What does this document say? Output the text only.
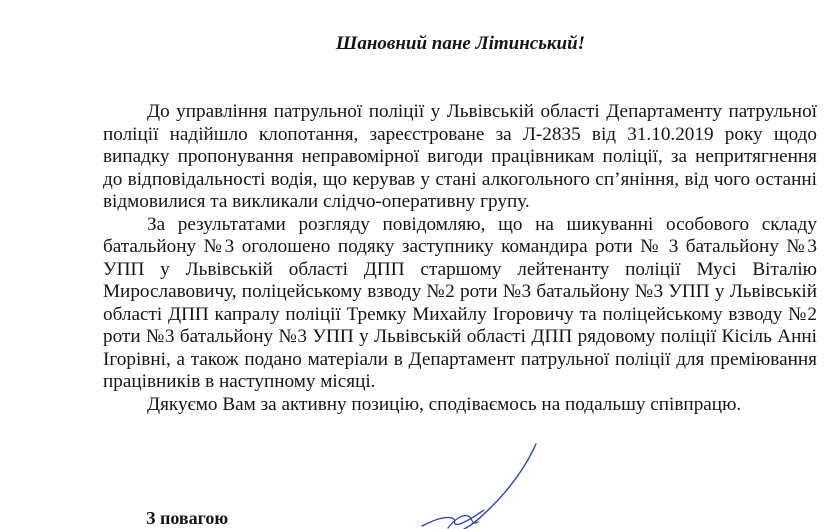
Шановний пане Літинський!

До управління патрульної поліції у Львівській області Департаменту патрульної поліції надійшло клопотання, зареєстроване за Л-2835 від 31.10.2019 року щодо випадку пропонування неправомірної вигоди працівникам поліції, за непритягнення до відповідальності водія, що керував у стані алкогольного сп’яніння, від чого останні відмовилися та викликали слідчо-оперативну групу.

За результатами розгляду повідомляю, що на шикуванні особового складу батальйону №3 оголошено подяку заступнику командира роти № 3 батальйону №3 УПП у Львівській області ДПП старшому лейтенанту поліції Мусі Віталію Мирославовичу, поліцейському взводу №2 роти №3 батальйону №3 УПП у Львівській області ДПП капралу поліції Тремку Михайлу Ігоровичу та поліцейському взводу №2 роти №3 батальйону №3 УПП у Львівській області ДПП рядовому поліції Кісіль Анні Ігорівні, а також подано матеріали в Департамент патрульної поліції для преміювання працівників в наступному місяці.

Дякуємо Вам за активну позицію, сподіваємось на подальшу співпрацю.

З повагою
